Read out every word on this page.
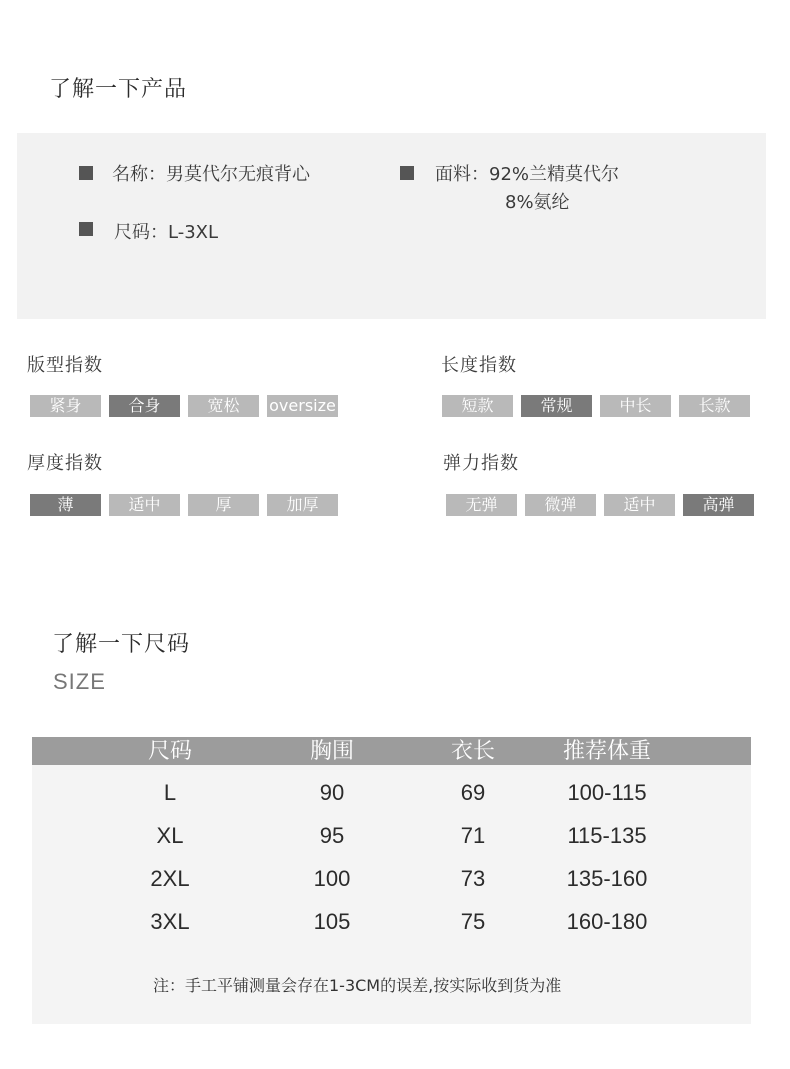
了解一下产品
名称：男莫代尔无痕背心	面料：92%兰精莫代尔
8%氨纶
尺码：L-3XL
版型指数
紧身	合身	宽松	oversize
长度指数
短款	常规	中长	长款
厚度指数
薄	适中	厚	加厚
弹力指数
无弹	微弹	适中	高弹
了解一下尺码
SIZE
尺码	胸围	衣长	推荐体重
L	90	69	100-115
XL	95	71	115-135
2XL	100	73	135-160
3XL	105	75	160-180
注：手工平铺测量会存在1-3CM的误差,按实际收到货为准
